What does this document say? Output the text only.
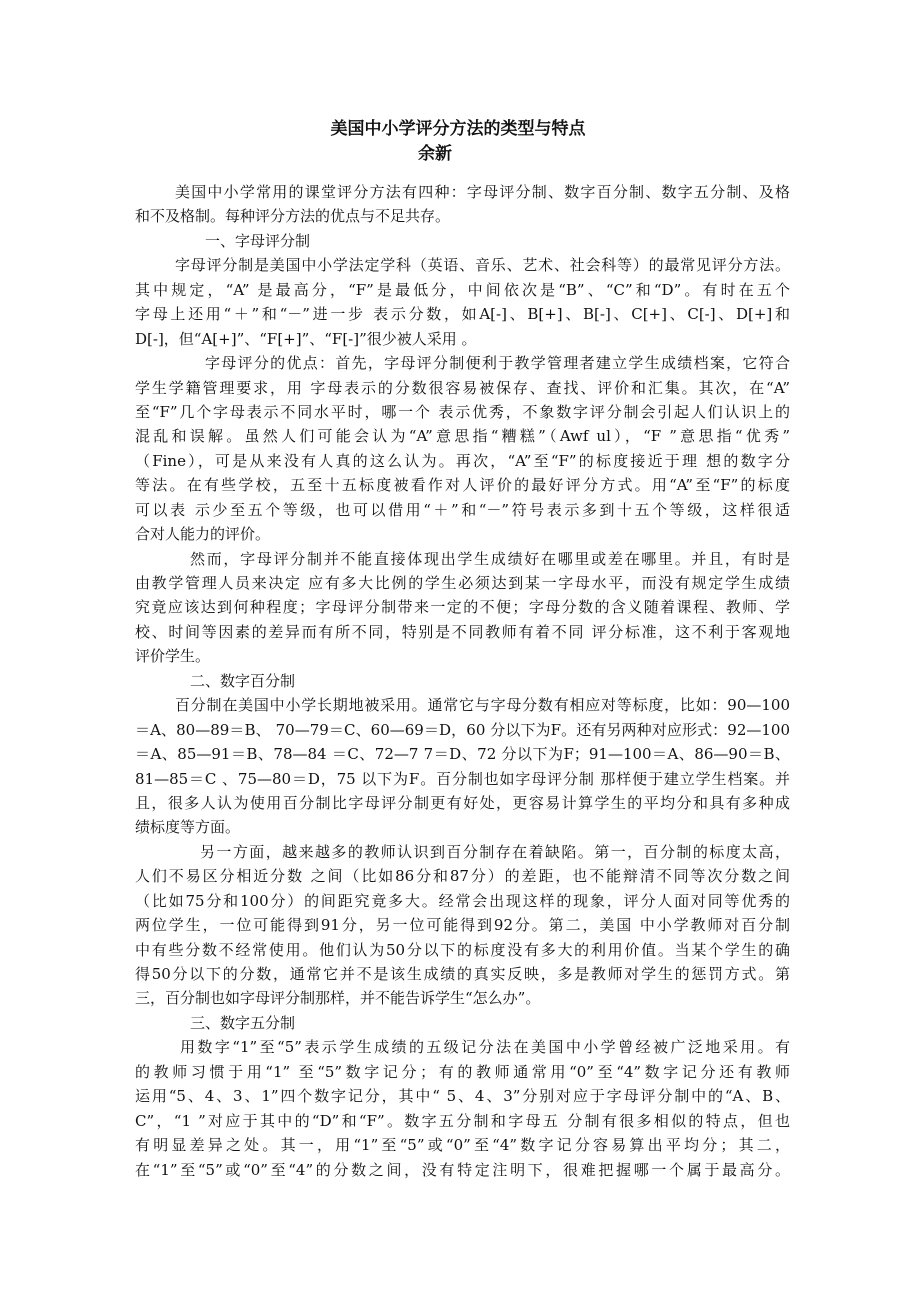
美国中小学评分方法的类型与特点
余新
美国中小学常用的课堂评分方法有四种：字母评分制、数字百分制、数字五分制、及格
和不及格制。每种评分方法的优点与不足共存。
一、字母评分制
字母评分制是美国中小学法定学科（英语、音乐、艺术、社会科等）的最常见评分方法。
其中规定，“A” 是最高分，“F”是最低分，中间依次是“B”、“C”和“D”。有时在五个
字母上还用“＋”和“－”进一步 表示分数，如A[-]、B[+]、B[-]、C[+]、C[-]、D[+]和
D[-]，但“A[+]”、“F[+]”、“F[-]”很少被人采用 。
字母评分的优点：首先，字母评分制便利于教学管理者建立学生成绩档案，它符合
学生学籍管理要求，用 字母表示的分数很容易被保存、查找、评价和汇集。其次，在“A”
至“F”几个字母表示不同水平时，哪一个 表示优秀，不象数字评分制会引起人们认识上的
混乱和误解。虽然人们可能会认为“A”意思指“糟糕”（Awf ul），“F ”意思指“优秀”
（Fine），可是从来没有人真的这么认为。再次，“A”至“F”的标度接近于理 想的数字分
等法。在有些学校，五至十五标度被看作对人评价的最好评分方式。用“A”至“F”的标度
可以表 示少至五个等级，也可以借用“＋”和“－”符号表示多到十五个等级，这样很适
合对人能力的评价。
然而，字母评分制并不能直接体现出学生成绩好在哪里或差在哪里。并且，有时是
由教学管理人员来决定 应有多大比例的学生必须达到某一字母水平，而没有规定学生成绩
究竟应该达到何种程度；字母评分制带来一定的不便；字母分数的含义随着课程、教师、学
校、时间等因素的差异而有所不同，特别是不同教师有着不同 评分标准，这不利于客观地
评价学生。
二、数字百分制
百分制在美国中小学长期地被采用。通常它与字母分数有相应对等标度，比如：90—100
＝A、80—89＝B、 70—79＝C、60—69＝D，60 分以下为F。还有另两种对应形式：92—100
＝A、85—91＝B、78—84 ＝C、72—7 7＝D、72 分以下为F；91—100＝A、86—90＝B、
81—85＝C 、75—80＝D，75 以下为F。百分制也如字母评分制 那样便于建立学生档案。并
且，很多人认为使用百分制比字母评分制更有好处，更容易计算学生的平均分和具有多种成
绩标度等方面。
另一方面，越来越多的教师认识到百分制存在着缺陷。第一，百分制的标度太高，
人们不易区分相近分数 之间（比如86分和87分）的差距，也不能辩清不同等次分数之间
（比如75分和100分）的间距究竟多大。经常会出现这样的现象，评分人面对同等优秀的
两位学生，一位可能得到91分，另一位可能得到92分。第二，美国 中小学教师对百分制
中有些分数不经常使用。他们认为50分以下的标度没有多大的利用价值。当某个学生的确
得50分以下的分数，通常它并不是该生成绩的真实反映，多是教师对学生的惩罚方式。第
三，百分制也如字母评分制那样，并不能告诉学生“怎么办”。
三、数字五分制
用数字“1”至“5”表示学生成绩的五级记分法在美国中小学曾经被广泛地采用。有
的教师习惯于用“1” 至“5”数字记分；有的教师通常用“0”至“4”数字记分还有教师
运用“5、4、3、1”四个数字记分，其中“ 5、4、3”分别对应于字母评分制中的“A、B、
C”，“1 ”对应于其中的“D”和“F”。数字五分制和字母五 分制有很多相似的特点，但也
有明显差异之处。其一，用“1”至“5”或“0”至“4”数字记分容易算出平均分；其二，
在“1”至“5”或“0”至“4”的分数之间，没有特定注明下，很难把握哪一个属于最高分。
